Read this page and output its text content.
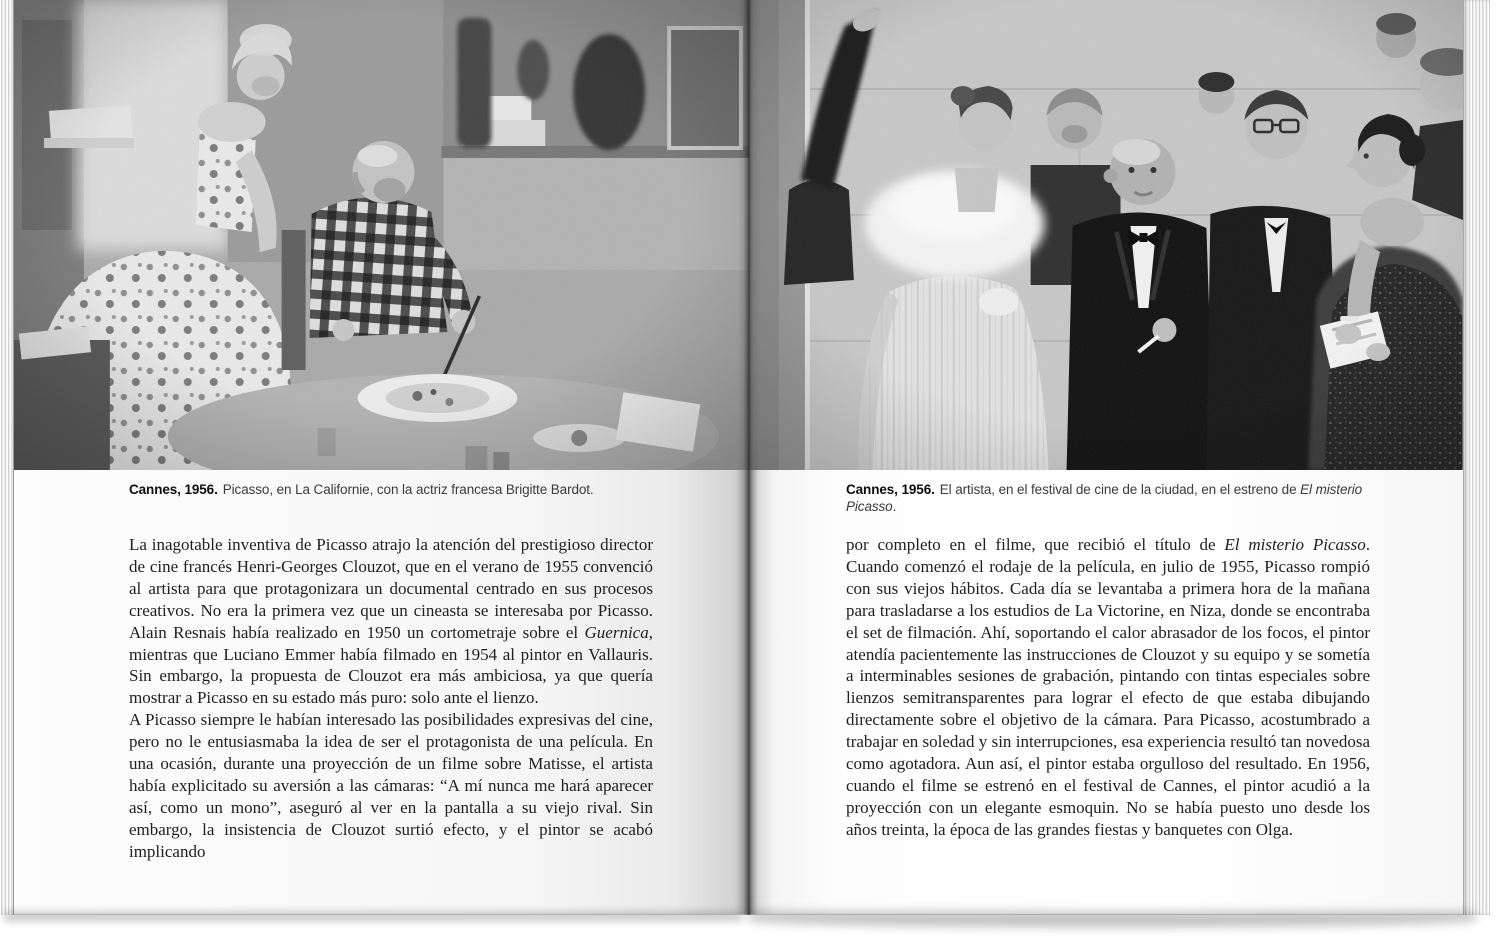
Cannes, 1956. Picasso, en La Californie, con la actriz francesa Brigitte Bardot.

La inagotable inventiva de Picasso atrajo la atención del prestigioso director de cine francés Henri-Georges Clouzot, que en el verano de 1955 convenció al artista para que protagonizara un documental centrado en sus procesos creativos. No era la primera vez que un cineasta se interesaba por Picasso. Alain Resnais había realizado en 1950 un cortometraje sobre el Guernica, mientras que Luciano Emmer había filmado en 1954 al pintor en Vallauris. Sin embargo, la propuesta de Clouzot era más ambiciosa, ya que quería mostrar a Picasso en su estado más puro: solo ante el lienzo.

A Picasso siempre le habían interesado las posibilidades expresivas del cine, pero no le entusiasmaba la idea de ser el protagonista de una película. En una ocasión, durante una proyección de un filme sobre Matisse, el artista había explicitado su aversión a las cámaras: “A mí nunca me hará aparecer así, como un mono”, aseguró al ver en la pantalla a su viejo rival. Sin embargo, la insistencia de Clouzot surtió efecto, y el pintor se acabó implicando

Cannes, 1956. El artista, en el festival de cine de la ciudad, en el estreno de El misterio Picasso.

por completo en el filme, que recibió el título de El misterio Picasso. Cuando comenzó el rodaje de la película, en julio de 1955, Picasso rompió con sus viejos hábitos. Cada día se levantaba a primera hora de la mañana para trasladarse a los estudios de La Victorine, en Niza, donde se encontraba el set de filmación. Ahí, soportando el calor abrasador de los focos, el pintor atendía pacientemente las instrucciones de Clouzot y su equipo y se sometía a interminables sesiones de grabación, pintando con tintas especiales sobre lienzos semitransparentes para lograr el efecto de que estaba dibujando directamente sobre el objetivo de la cámara. Para Picasso, acostumbrado a trabajar en soledad y sin interrupciones, esa experiencia resultó tan novedosa como agotadora. Aun así, el pintor estaba orgulloso del resultado. En 1956, cuando el filme se estrenó en el festival de Cannes, el pintor acudió a la proyección con un elegante esmoquin. No se había puesto uno desde los años treinta, la época de las grandes fiestas y banquetes con Olga.
